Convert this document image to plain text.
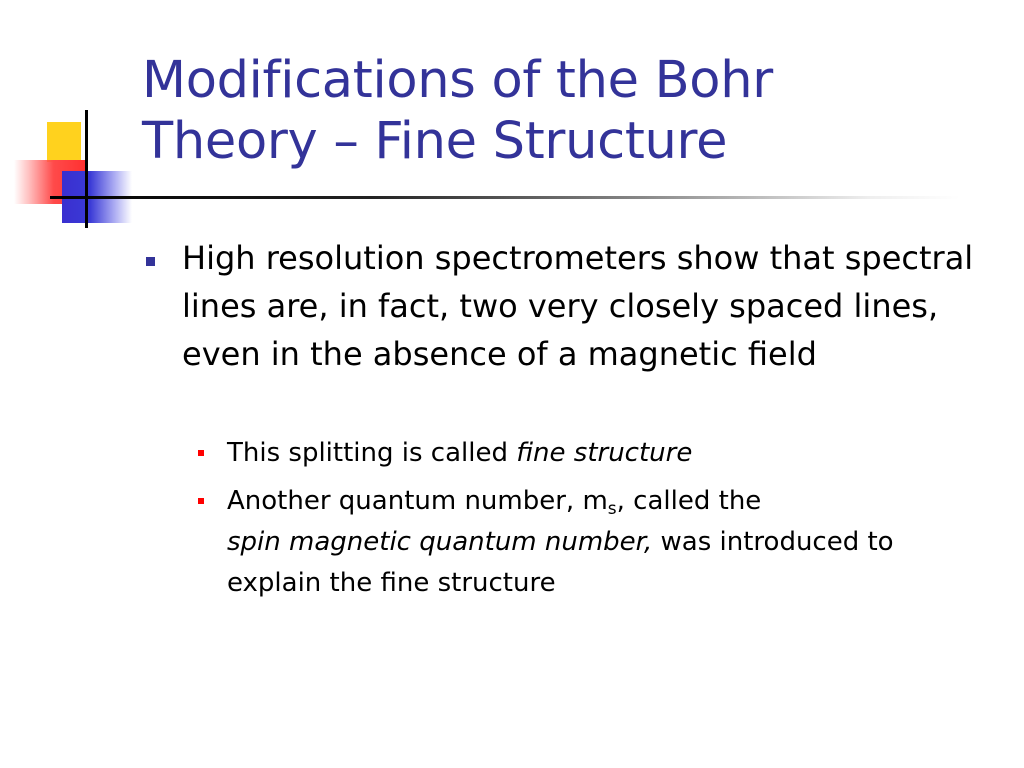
Modifications of the Bohr
Theory – Fine Structure
High resolution spectrometers show that spectral lines are, in fact, two very closely spaced lines, even in the absence of a magnetic field
This splitting is called fine structure
Another quantum number, $m_s$, called the
spin magnetic quantum number, was introduced to explain the fine structure
